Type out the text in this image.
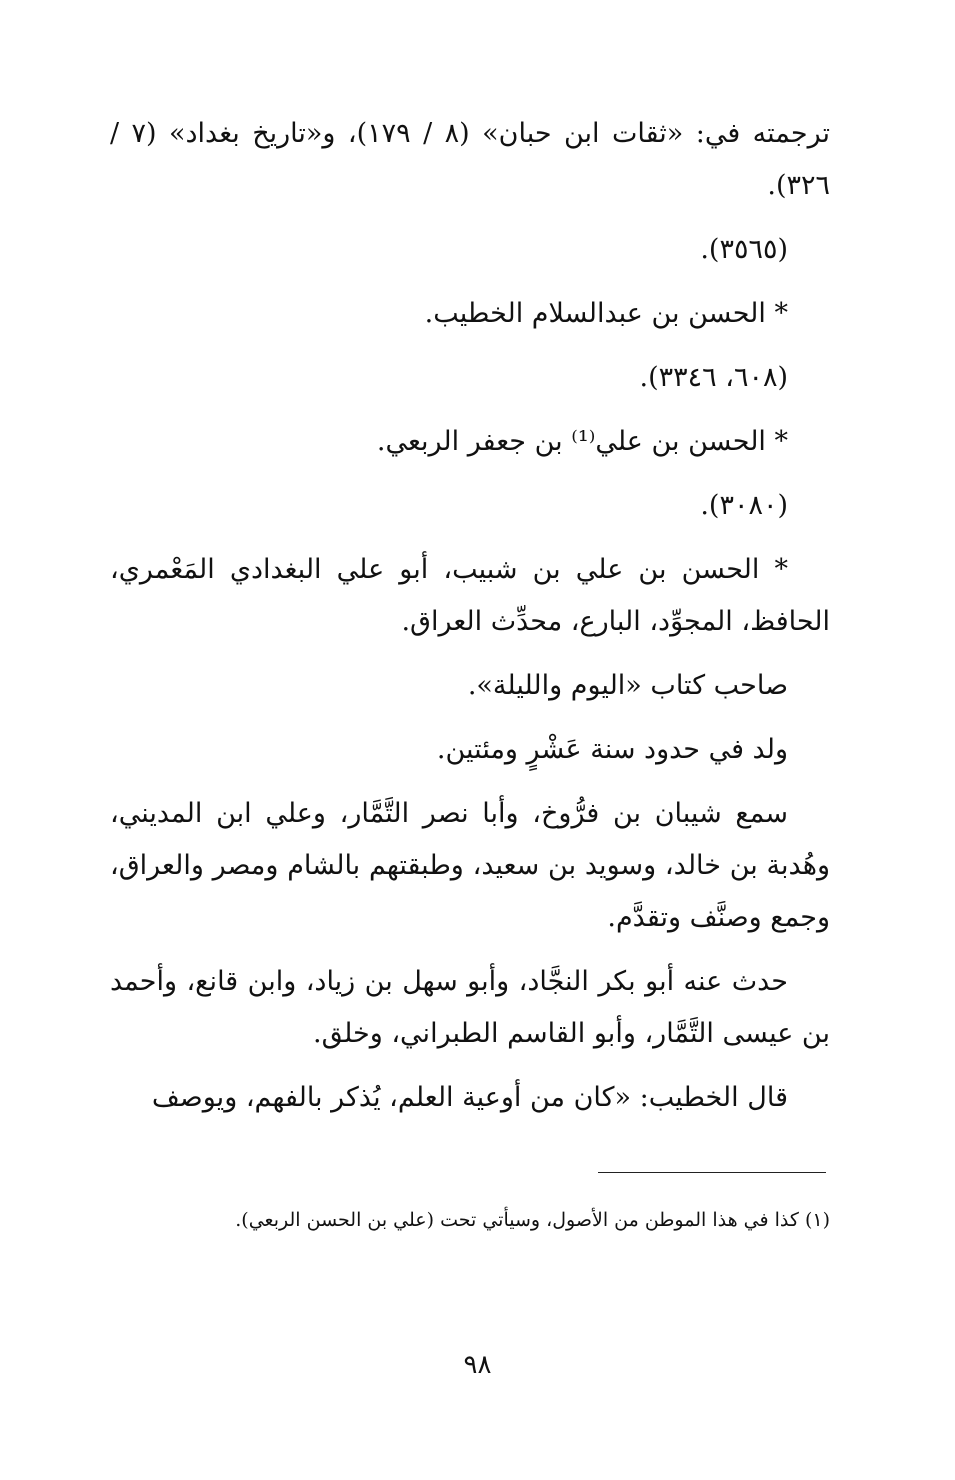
ترجمته في: «ثقات ابن حبان» (٨ / ١٧٩)، و«تاريخ بغداد» (٧ / ٣٢٦).

(٣٥٦٥).

* الحسن بن عبدالسلام الخطيب.

(٦٠٨، ٣٣٤٦).

* الحسن بن علي⁽¹⁾ بن جعفر الربعي.

(٣٠٨٠).

* الحسن بن علي بن شبيب، أبو علي البغدادي المَعْمري، الحافظ، المجوِّد، البارع، محدِّث العراق.

صاحب كتاب «اليوم والليلة».

ولد في حدود سنة عَشْرٍ ومئتين.

سمع شيبان بن فرُّوخ، وأبا نصر التَّمَّار، وعلي ابن المديني، وهُدبة بن خالد، وسويد بن سعيد، وطبقتهم بالشام ومصر والعراق، وجمع وصنَّف وتقدَّم.

حدث عنه أبو بكر النجَّاد، وأبو سهل بن زياد، وابن قانع، وأحمد بن عيسى التَّمَّار، وأبو القاسم الطبراني، وخلق.

قال الخطيب: «كان من أوعية العلم، يُذكر بالفهم، ويوصف

(١) كذا في هذا الموطن من الأصول، وسيأتي تحت (علي بن الحسن الربعي).

٩٨
